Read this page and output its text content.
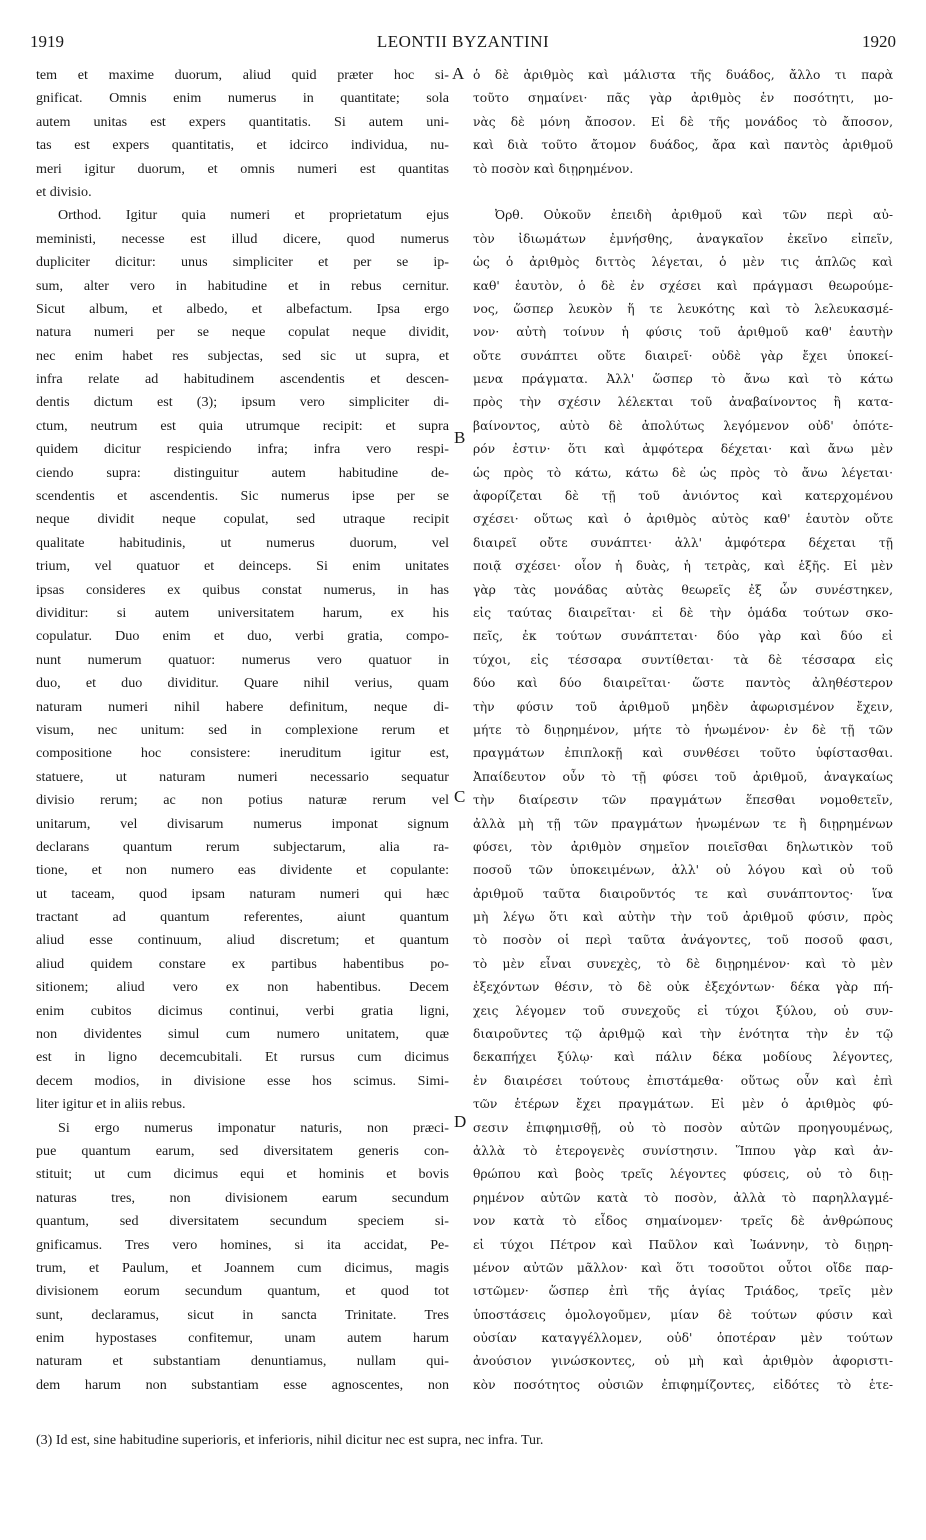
1919	LEONTII BYZANTINI	1920
tem et maxime duorum, aliud quid præter hoc si-
gnificat. Omnis enim numerus in quantitate; sola
autem unitas est expers quantitatis. Si autem uni-
tas est expers quantitatis, et idcirco individua, nu-
meri igitur duorum, et omnis numeri est quantitas
et divisio.
Orthod. Igitur quia numeri et proprietatum ejus
meministi, necesse est illud dicere, quod numerus
dupliciter dicitur: unus simpliciter et per se ip-
sum, alter vero in habitudine et in rebus cernitur.
Sicut album, et albedo, et albefactum. Ipsa ergo
natura numeri per se neque copulat neque dividit,
nec enim habet res subjectas, sed sic ut supra, et
infra relate ad habitudinem ascendentis et descen-
dentis dictum est (3); ipsum vero simpliciter di-
ctum, neutrum est quia utrumque recipit: et supra
quidem dicitur respiciendo infra; infra vero respi-
ciendo supra: distinguitur autem habitudine de-
scendentis et ascendentis. Sic numerus ipse per se
neque dividit neque copulat, sed utraque recipit
qualitate habitudinis, ut numerus duorum, vel
trium, vel quatuor et deinceps. Si enim unitates
ipsas consideres ex quibus constat numerus, in has
dividitur: si autem universitatem harum, ex his
copulatur. Duo enim et duo, verbi gratia, compo-
nunt numerum quatuor: numerus vero quatuor in
duo, et duo dividitur. Quare nihil verius, quam
naturam numeri nihil habere definitum, neque di-
visum, nec unitum: sed in complexione rerum et
compositione hoc consistere: ineruditum igitur est,
statuere, ut naturam numeri necessario sequatur
divisio rerum; ac non potius naturæ rerum vel
unitarum, vel divisarum numerus imponat signum
declarans quantum rerum subjectarum, alia ra-
tione, et non numero eas dividente et copulante:
ut taceam, quod ipsam naturam numeri qui hæc
tractant ad quantum referentes, aiunt quantum
aliud esse continuum, aliud discretum; et quantum
aliud quidem constare ex partibus habentibus po-
sitionem; aliud vero ex non habentibus. Decem
enim cubitos dicimus continui, verbi gratia ligni,
non dividentes simul cum numero unitatem, quæ
est in ligno decemcubitali. Et rursus cum dicimus
decem modios, in divisione esse hos scimus. Simi-
liter igitur et in aliis rebus.
Si ergo numerus imponatur naturis, non præci-
pue quantum earum, sed diversitatem generis con-
stituit; ut cum dicimus equi et hominis et bovis
naturas tres, non divisionem earum secundum
quantum, sed diversitatem secundum speciem si-
gnificamus. Tres vero homines, si ita accidat, Pe-
trum, et Paulum, et Joannem cum dicimus, magis
divisionem eorum secundum quantum, et quod tot
sunt, declaramus, sicut in sancta Trinitate. Tres
enim hypostases confitemur, unam autem harum
naturam et substantiam denuntiamus, nullam qui-
dem harum non substantiam esse agnoscentes, non
ὁ δὲ ἀριθμὸς καὶ μάλιστα τῆς δυάδος, ἄλλο τι παρὰ
τοῦτο σημαίνει· πᾶς γὰρ ἀριθμὸς ἐν ποσότητι, μο-
νὰς δὲ μόνη ἄποσον. Εἰ δὲ τῆς μονάδος τὸ ἄποσον,
καὶ διὰ τοῦτο ἄτομον δυάδος, ἄρα καὶ παντὸς ἀριθμοῦ
τὸ ποσὸν καὶ διῃρημένον.
Ὀρθ. Οὐκοῦν ἐπειδὴ ἀριθμοῦ καὶ τῶν περὶ αὐ-
τὸν ἰδιωμάτων ἐμνήσθης, ἀναγκαῖον ἐκεῖνο εἰπεῖν,
ὡς ὁ ἀριθμὸς διττὸς λέγεται, ὁ μὲν τις ἁπλῶς καὶ
καθ' ἑαυτὸν, ὁ δὲ ἐν σχέσει καὶ πράγμασι θεωρούμε-
νος, ὥσπερ λευκὸν ἥ τε λευκότης καὶ τὸ λελευκασμέ-
νον· αὐτὴ τοίνυν ἡ φύσις τοῦ ἀριθμοῦ καθ' ἑαυτὴν
οὔτε συνάπτει οὔτε διαιρεῖ· οὐδὲ γὰρ ἔχει ὑποκεί-
μενα πράγματα. Ἀλλ' ὥσπερ τὸ ἄνω καὶ τὸ κάτω
πρὸς τὴν σχέσιν λέλεκται τοῦ ἀναβαίνοντος ἢ κατα-
βαίνοντος, αὐτὸ δὲ ἀπολύτως λεγόμενον οὐδ' ὁπότε-
ρόν ἐστιν· ὅτι καὶ ἀμφότερα δέχεται· καὶ ἄνω μὲν
ὡς πρὸς τὸ κάτω, κάτω δὲ ὡς πρὸς τὸ ἄνω λέγεται·
ἀφορίζεται δὲ τῇ τοῦ ἀνιόντος καὶ κατερχομένου
σχέσει· οὕτως καὶ ὁ ἀριθμὸς αὐτὸς καθ' ἑαυτὸν οὔτε
διαιρεῖ οὔτε συνάπτει· ἀλλ' ἀμφότερα δέχεται τῇ
ποιᾷ σχέσει· οἷον ἡ δυὰς, ἡ τετρὰς, καὶ ἑξῆς. Εἰ μὲν
γὰρ τὰς μονάδας αὐτὰς θεωρεῖς ἐξ ὧν συνέστηκεν,
εἰς ταύτας διαιρεῖται· εἰ δὲ τὴν ὁμάδα τούτων σκο-
πεῖς, ἐκ τούτων συνάπτεται· δύο γὰρ καὶ δύο εἰ
τύχοι, εἰς τέσσαρα συντίθεται· τὰ δὲ τέσσαρα εἰς
δύο καὶ δύο διαιρεῖται· ὥστε παντὸς ἀληθέστερον
τὴν φύσιν τοῦ ἀριθμοῦ μηδὲν ἀφωρισμένον ἔχειν,
μήτε τὸ διῃρημένον, μήτε τὸ ἡνωμένον· ἐν δὲ τῇ τῶν
πραγμάτων ἐπιπλοκῇ καὶ συνθέσει τοῦτο ὑφίστασθαι.
Ἀπαίδευτον οὖν τὸ τῇ φύσει τοῦ ἀριθμοῦ, ἀναγκαίως
τὴν διαίρεσιν τῶν πραγμάτων ἕπεσθαι νομοθετεῖν,
ἀλλὰ μὴ τῇ τῶν πραγμάτων ἡνωμένων τε ἢ διῃρημένων
φύσει, τὸν ἀριθμὸν σημεῖον ποιεῖσθαι δηλωτικὸν τοῦ
ποσοῦ τῶν ὑποκειμένων, ἀλλ' οὐ λόγου καὶ οὐ τοῦ
ἀριθμοῦ ταῦτα διαιροῦντός τε καὶ συνάπτοντος· ἵνα
μὴ λέγω ὅτι καὶ αὐτὴν τὴν τοῦ ἀριθμοῦ φύσιν, πρὸς
τὸ ποσὸν οἱ περὶ ταῦτα ἀνάγοντες, τοῦ ποσοῦ φασι,
τὸ μὲν εἶναι συνεχὲς, τὸ δὲ διῃρημένον· καὶ τὸ μὲν
ἐξεχόντων θέσιν, τὸ δὲ οὐκ ἐξεχόντων· δέκα γὰρ πή-
χεις λέγομεν τοῦ συνεχοῦς εἰ τύχοι ξύλου, οὐ συν-
διαιροῦντες τῷ ἀριθμῷ καὶ τὴν ἑνότητα τὴν ἐν τῷ
δεκαπήχει ξύλῳ· καὶ πάλιν δέκα μοδίους λέγοντες,
ἐν διαιρέσει τούτους ἐπιστάμεθα· οὕτως οὖν καὶ ἐπὶ
τῶν ἑτέρων ἔχει πραγμάτων. Εἰ μὲν ὁ ἀριθμὸς φύ-
σεσιν ἐπιφημισθῇ, οὐ τὸ ποσὸν αὐτῶν προηγουμένως,
ἀλλὰ τὸ ἑτερογενὲς συνίστησιν. Ἵππου γὰρ καὶ ἀν-
θρώπου καὶ βοὸς τρεῖς λέγοντες φύσεις, οὐ τὸ διῃ-
ρημένον αὐτῶν κατὰ τὸ ποσὸν, ἀλλὰ τὸ παρηλλαγμέ-
νον κατὰ τὸ εἶδος σημαίνομεν· τρεῖς δὲ ἀνθρώπους
εἰ τύχοι Πέτρον καὶ Παῦλον καὶ Ἰωάννην, τὸ διῃρη-
μένον αὐτῶν μᾶλλον· καὶ ὅτι τοσοῦτοι οὗτοι οἴδε παρ-
ιστῶμεν· ὥσπερ ἐπὶ τῆς ἁγίας Τριάδος, τρεῖς μὲν
ὑποστάσεις ὁμολογοῦμεν, μίαν δὲ τούτων φύσιν καὶ
οὐσίαν καταγγέλλομεν, οὐδ' ὁποτέραν μὲν τούτων
ἀνούσιον γινώσκοντες, οὐ μὴ καὶ ἀριθμὸν ἀφοριστι-
κὸν ποσότητος οὐσιῶν ἐπιφημίζοντες, εἰδότες τὸ ἑτε-
A
B
C
D
(3) Id est, sine habitudine superioris, et inferioris, nihil dicitur nec est supra, nec infra. Tur.
